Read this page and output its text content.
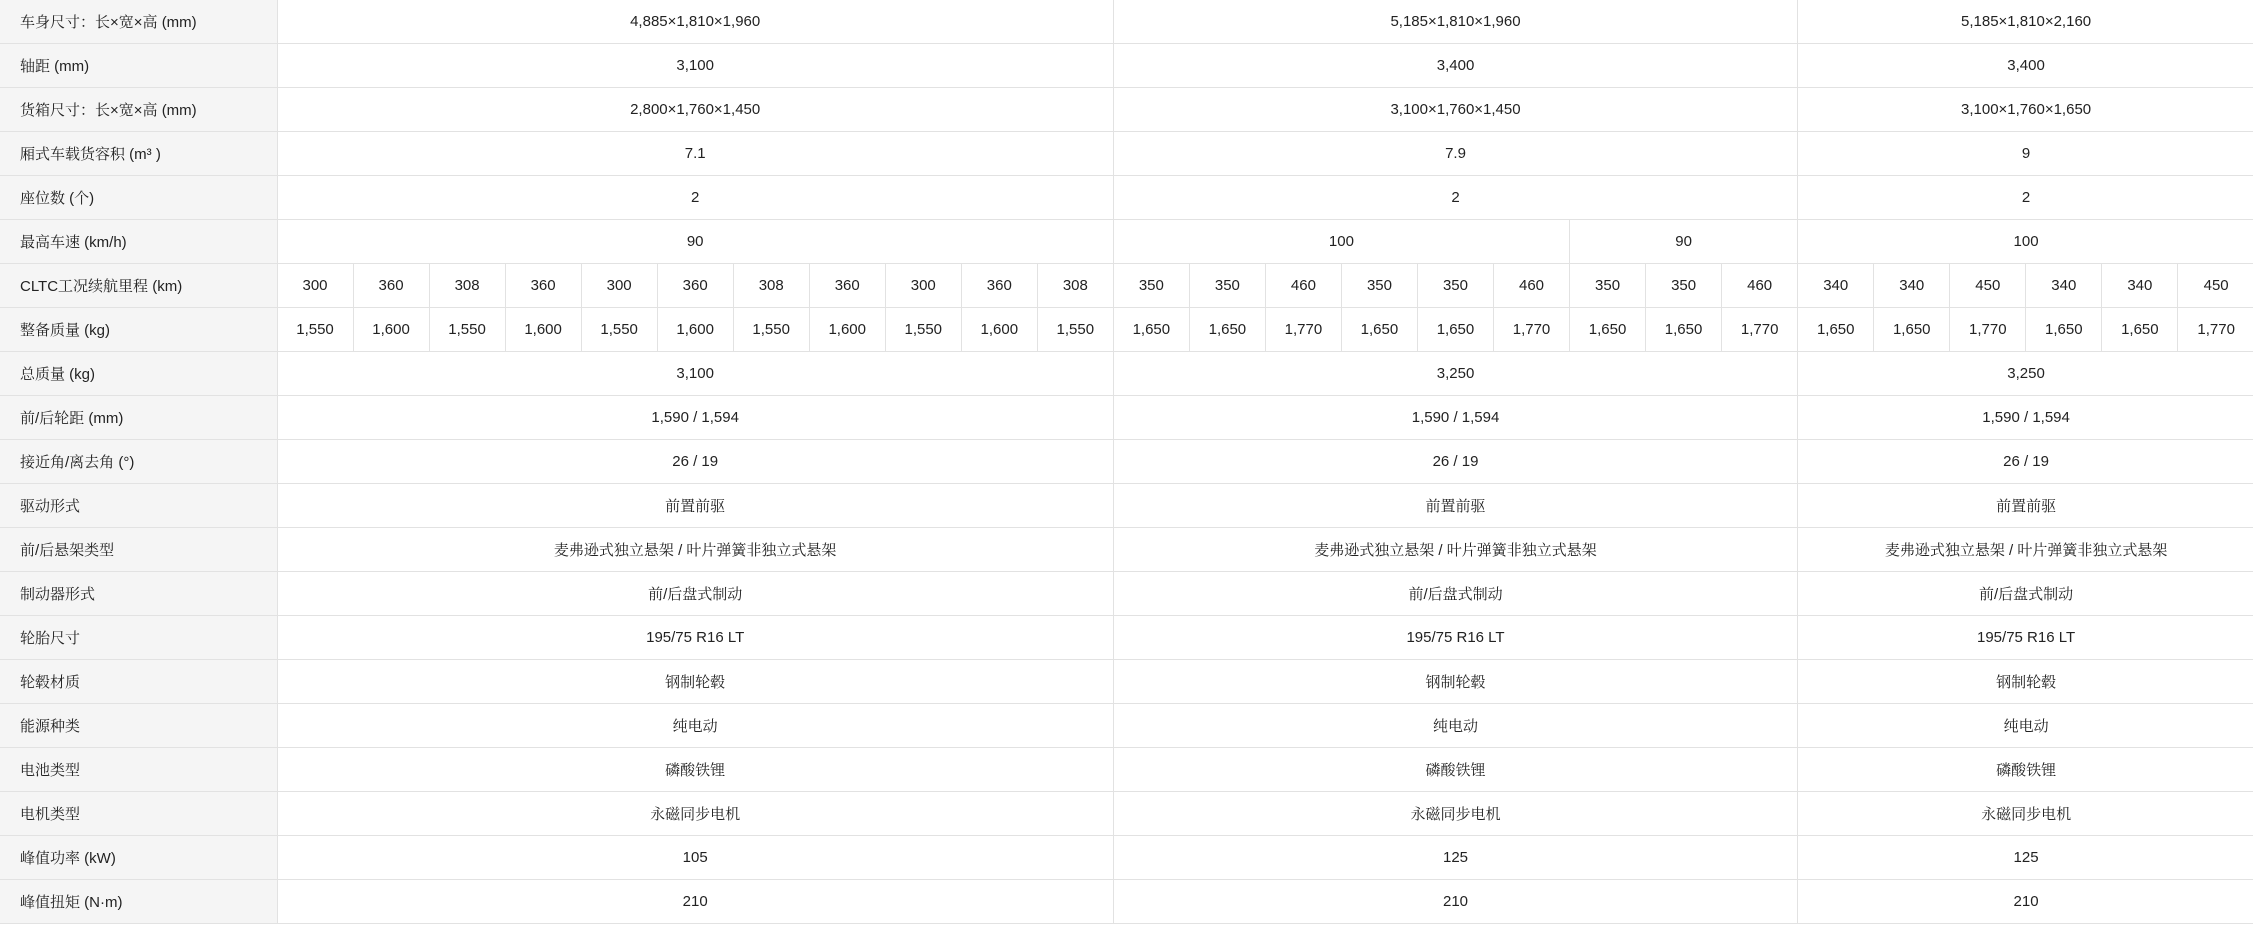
车身尺寸：长×宽×高 (mm)	4,885×1,810×1,960											5,185×1,810×1,960									5,185×1,810×2,160					
轴距 (mm)	3,100											3,400									3,400					
货箱尺寸：长×宽×高 (mm)	2,800×1,760×1,450											3,100×1,760×1,450									3,100×1,760×1,650					
厢式车载货容积 (m³ )	7.1											7.9									9					
座位数 (个)	2											2									2					
最高车速 (km/h)	90											100						90			100					
CLTC工况续航里程 (km)	300	360	308	360	300	360	308	360	300	360	308	350	350	460	350	350	460	350	350	460	340	340	450	340	340	450
整备质量 (kg)	1,550	1,600	1,550	1,600	1,550	1,600	1,550	1,600	1,550	1,600	1,550	1,650	1,650	1,770	1,650	1,650	1,770	1,650	1,650	1,770	1,650	1,650	1,770	1,650	1,650	1,770
总质量 (kg)	3,100											3,250									3,250					
前/后轮距 (mm)	1,590 / 1,594											1,590 / 1,594									1,590 / 1,594					
接近角/离去角 (°)	26 / 19											26 / 19									26 / 19					
驱动形式	前置前驱											前置前驱									前置前驱					
前/后悬架类型	麦弗逊式独立悬架 / 叶片弹簧非独立式悬架											麦弗逊式独立悬架 / 叶片弹簧非独立式悬架									麦弗逊式独立悬架 / 叶片弹簧非独立式悬架					
制动器形式	前/后盘式制动											前/后盘式制动									前/后盘式制动					
轮胎尺寸	195/75 R16 LT											195/75 R16 LT									195/75 R16 LT					
轮毂材质	钢制轮毂											钢制轮毂									钢制轮毂					
能源种类	纯电动											纯电动									纯电动					
电池类型	磷酸铁锂											磷酸铁锂									磷酸铁锂					
电机类型	永磁同步电机											永磁同步电机									永磁同步电机					
峰值功率 (kW)	105											125									125					
峰值扭矩 (N·m)	210											210									210					
